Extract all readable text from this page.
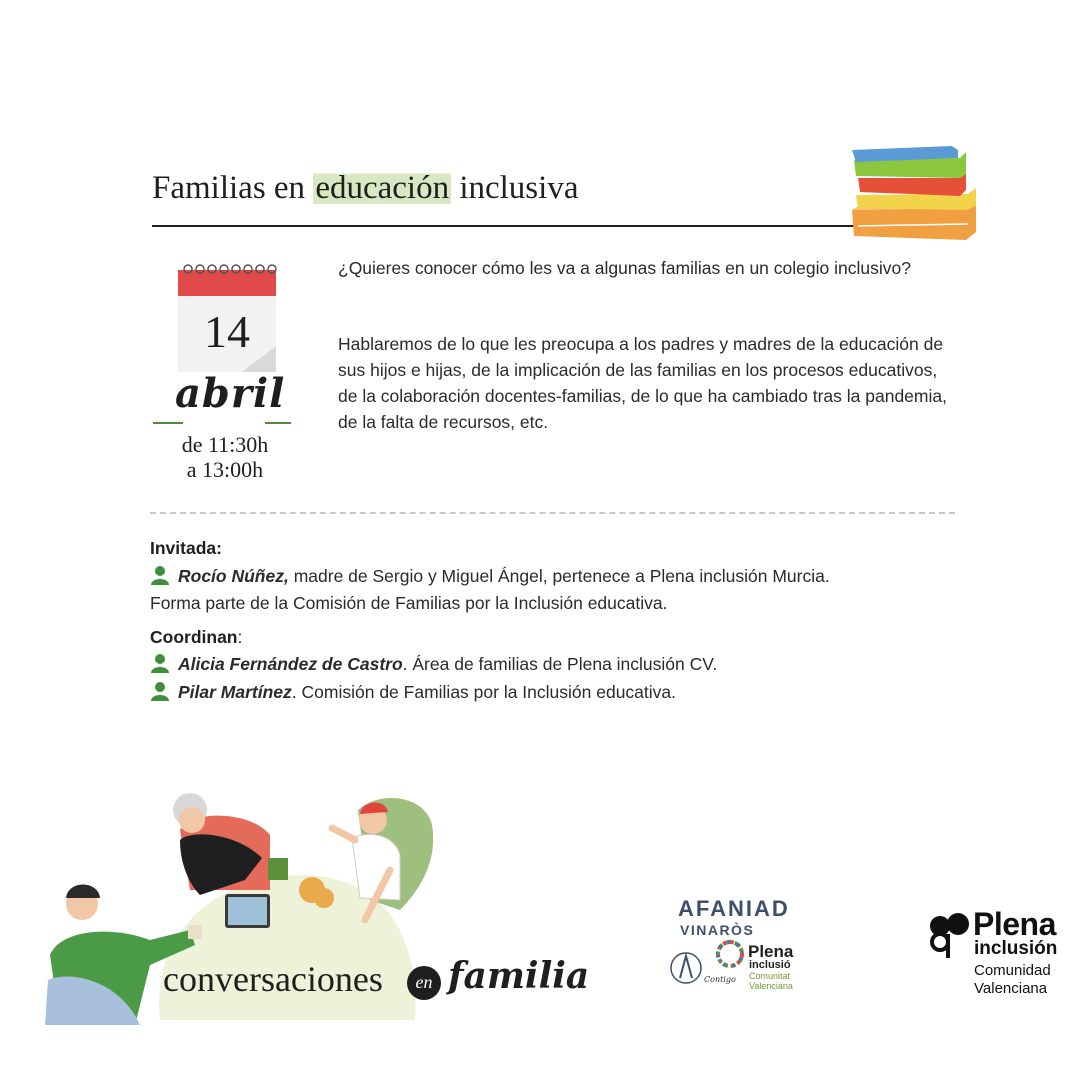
Familias en educación inclusiva
14
abril
de 11:30h
a 13:00h
¿Quieres conocer cómo les va a algunas familias en un colegio inclusivo?
Hablaremos de lo que les preocupa a los padres y madres de la educación de sus hijos e hijas, de la implicación de las familias en los procesos educativos, de la colaboración docentes-familias, de lo que ha cambiado tras la pandemia, de la falta de recursos, etc.
Invitada:
Rocío Núñez, madre de Sergio y Miguel Ángel, pertenece a Plena inclusión Murcia.
Forma parte de la Comisión de Familias por la Inclusión educativa.
Coordinan:
Alicia Fernández de Castro. Área de familias de Plena inclusión CV.
Pilar Martínez. Comisión de Familias por la Inclusión educativa.
conversaciones	en familia
AFANIAD
VINARÒS
Contigo
Plena
inclusió
Comunitat
Valenciana
Plena
inclusión
Comunidad
Valenciana
